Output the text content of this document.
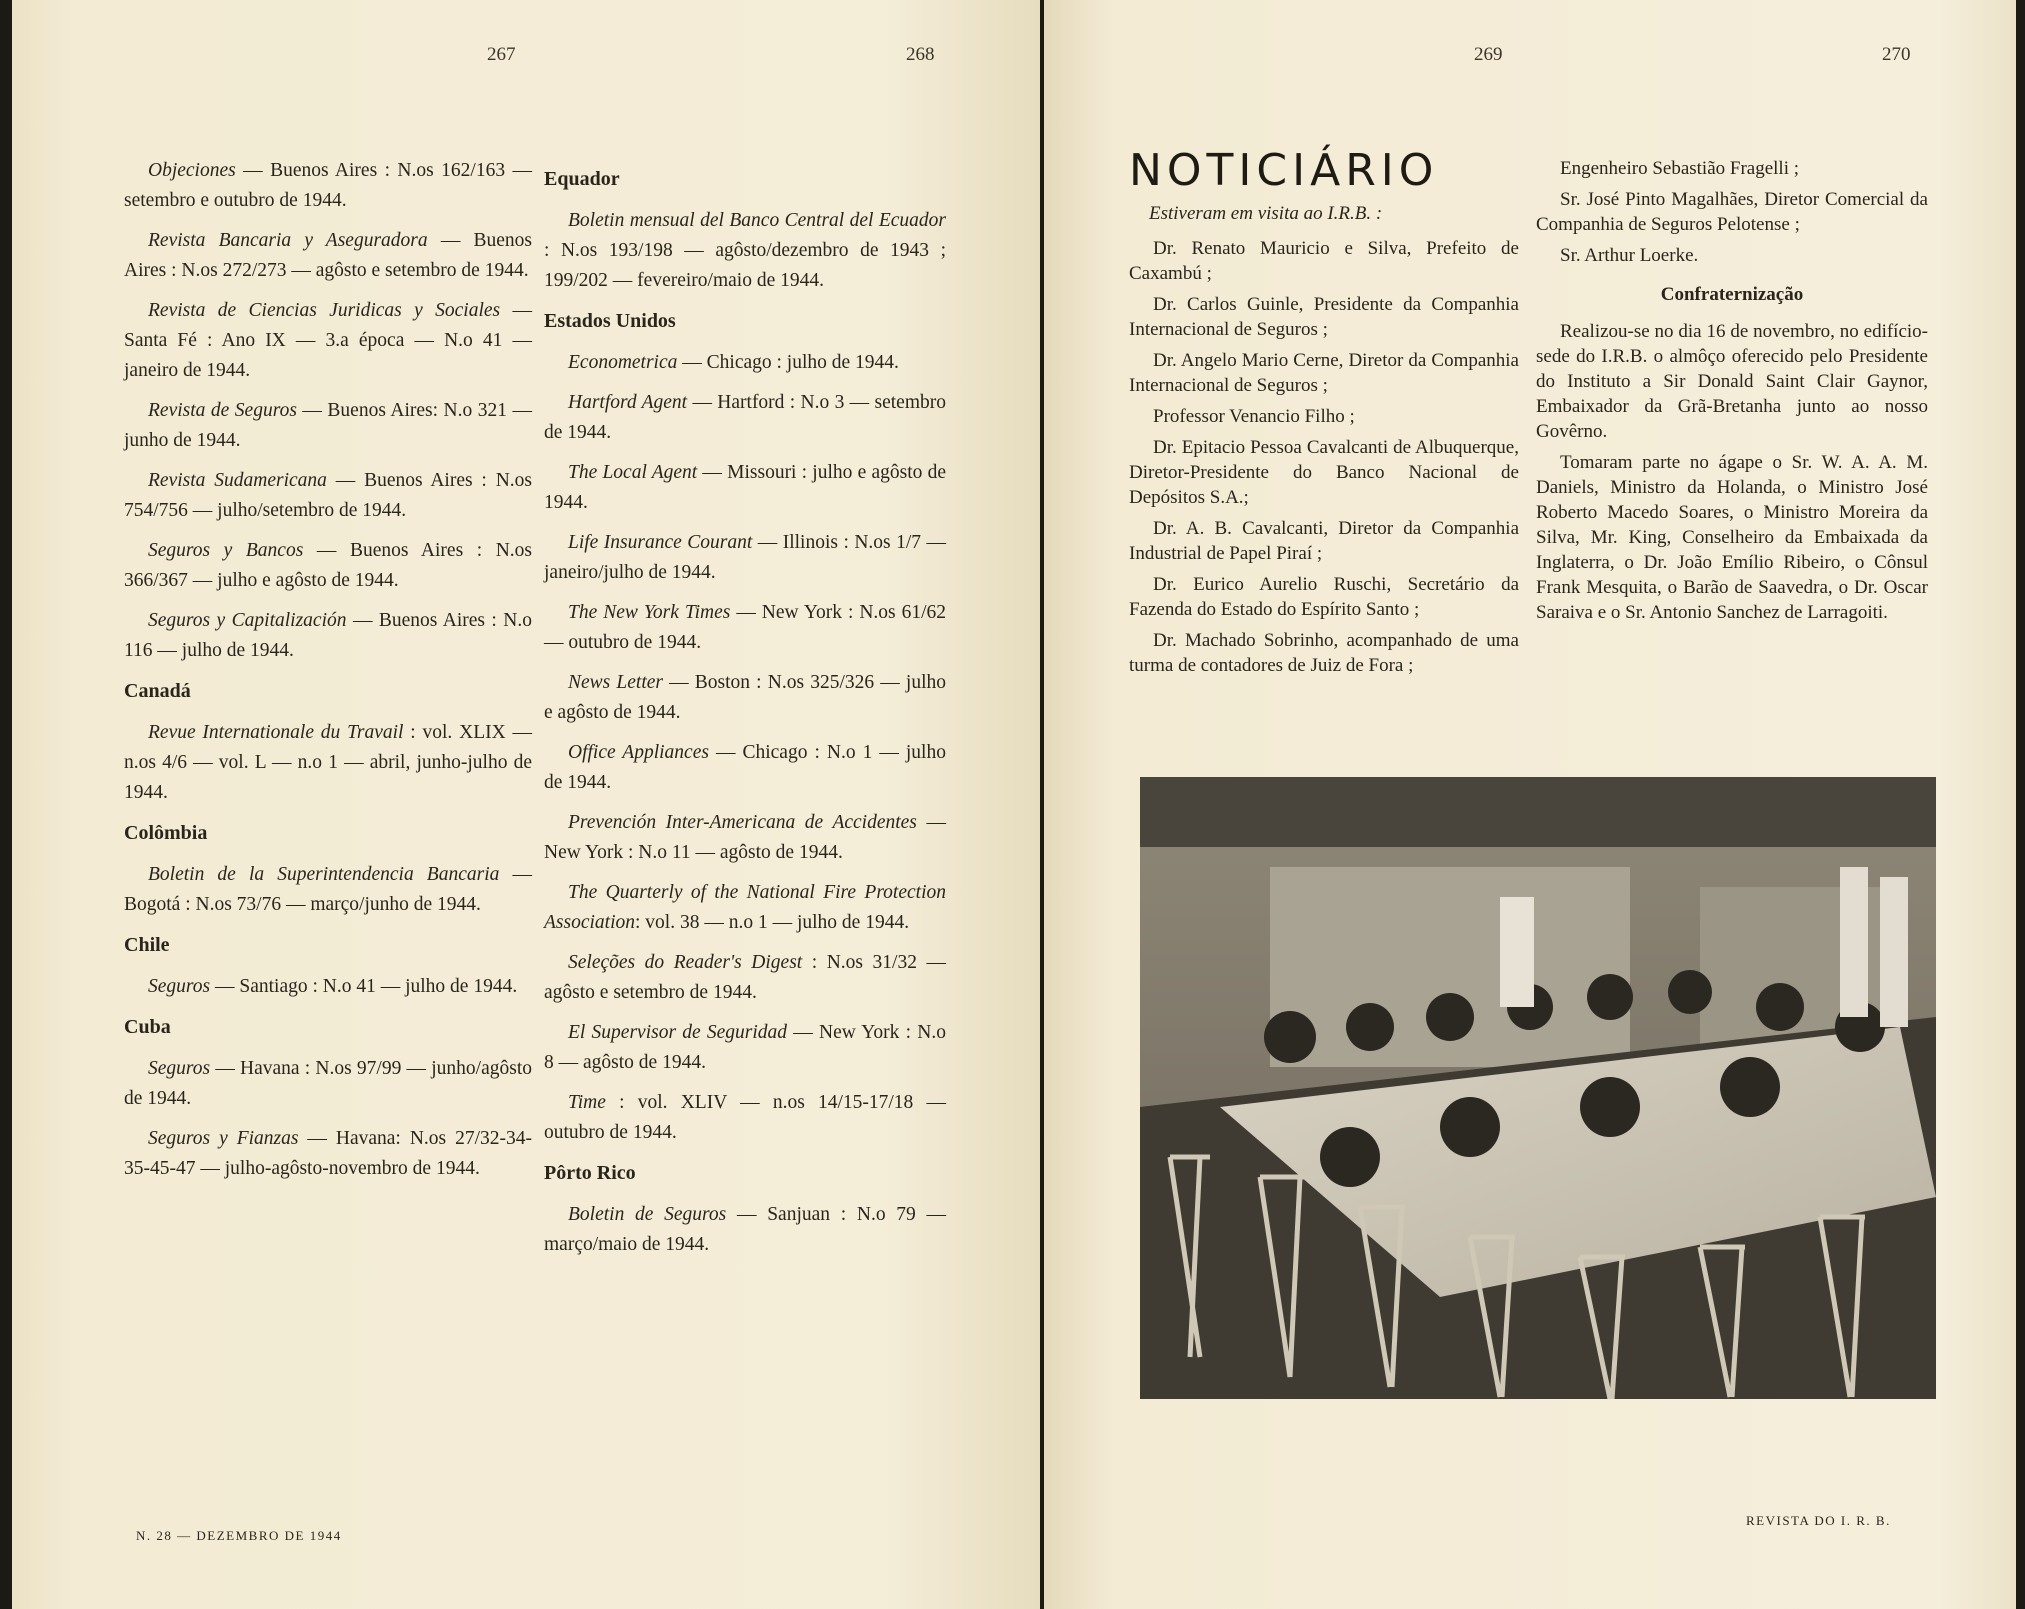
267	268

Objeciones — Buenos Aires : N.os 162/163 — setembro e outubro de 1944.

Revista Bancaria y Aseguradora — Buenos Aires : N.os 272/273 — agôsto e setembro de 1944.

Revista de Ciencias Juridicas y Sociales — Santa Fé : Ano IX — 3.a época — N.o 41 — janeiro de 1944.

Revista de Seguros — Buenos Aires: N.o 321 — junho de 1944.

Revista Sudamericana — Buenos Aires : N.os 754/756 — julho/setembro de 1944.

Seguros y Bancos — Buenos Aires : N.os 366/367 — julho e agôsto de 1944.

Seguros y Capitalización — Buenos Aires : N.o 116 — julho de 1944.

Canadá

Revue Internationale du Travail : vol. XLIX — n.os 4/6 — vol. L — n.o 1 — abril, junho-julho de 1944.

Colômbia

Boletin de la Superintendencia Bancaria — Bogotá : N.os 73/76 — março/junho de 1944.

Chile

Seguros — Santiago : N.o 41 — julho de 1944.

Cuba

Seguros — Havana : N.os 97/99 — junho/agôsto de 1944.

Seguros y Fianzas — Havana: N.os 27/32-34-35-45-47 — julho-agôsto-novembro de 1944.

Equador

Boletin mensual del Banco Central del Ecuador : N.os 193/198 — agôsto/dezembro de 1943 ; 199/202 — fevereiro/maio de 1944.

Estados Unidos

Econometrica — Chicago : julho de 1944.

Hartford Agent — Hartford : N.o 3 — setembro de 1944.

The Local Agent — Missouri : julho e agôsto de 1944.

Life Insurance Courant — Illinois : N.os 1/7 — janeiro/julho de 1944.

The New York Times — New York : N.os 61/62 — outubro de 1944.

News Letter — Boston : N.os 325/326 — julho e agôsto de 1944.

Office Appliances — Chicago : N.o 1 — julho de 1944.

Prevención Inter-Americana de Accidentes — New York : N.o 11 — agôsto de 1944.

The Quarterly of the National Fire Protection Association: vol. 38 — n.o 1 — julho de 1944.

Seleções do Reader's Digest : N.os 31/32 — agôsto e setembro de 1944.

El Supervisor de Seguridad — New York : N.o 8 — agôsto de 1944.

Time : vol. XLIV — n.os 14/15-17/18 — outubro de 1944.

Pôrto Rico

Boletin de Seguros — Sanjuan : N.o 79 — março/maio de 1944.

N. 28 — DEZEMBRO DE 1944
269	270
NOTICIÁRIO

Estiveram em visita ao I.R.B. :

Dr. Renato Mauricio e Silva, Prefeito de Caxambú ;

Dr. Carlos Guinle, Presidente da Companhia Internacional de Seguros ;

Dr. Angelo Mario Cerne, Diretor da Companhia Internacional de Seguros ;

Professor Venancio Filho ;

Dr. Epitacio Pessoa Cavalcanti de Albuquerque, Diretor-Presidente do Banco Nacional de Depósitos S.A.;

Dr. A. B. Cavalcanti, Diretor da Companhia Industrial de Papel Piraí ;

Dr. Eurico Aurelio Ruschi, Secretário da Fazenda do Estado do Espírito Santo ;

Dr. Machado Sobrinho, acompanhado de uma turma de contadores de Juiz de Fora ;

Engenheiro Sebastião Fragelli ;

Sr. José Pinto Magalhães, Diretor Comercial da Companhia de Seguros Pelotense ;

Sr. Arthur Loerke.

Confraternização

Realizou-se no dia 16 de novembro, no edifício-sede do I.R.B. o almôço oferecido pelo Presidente do Instituto a Sir Donald Saint Clair Gaynor, Embaixador da Grã-Bretanha junto ao nosso Govêrno.

Tomaram parte no ágape o Sr. W. A. A. M. Daniels, Ministro da Holanda, o Ministro José Roberto Macedo Soares, o Ministro Moreira da Silva, Mr. King, Conselheiro da Embaixada da Inglaterra, o Dr. João Emílio Ribeiro, o Cônsul Frank Mesquita, o Barão de Saavedra, o Dr. Oscar Saraiva e o Sr. Antonio Sanchez de Larragoiti.

REVISTA DO I. R. B.
